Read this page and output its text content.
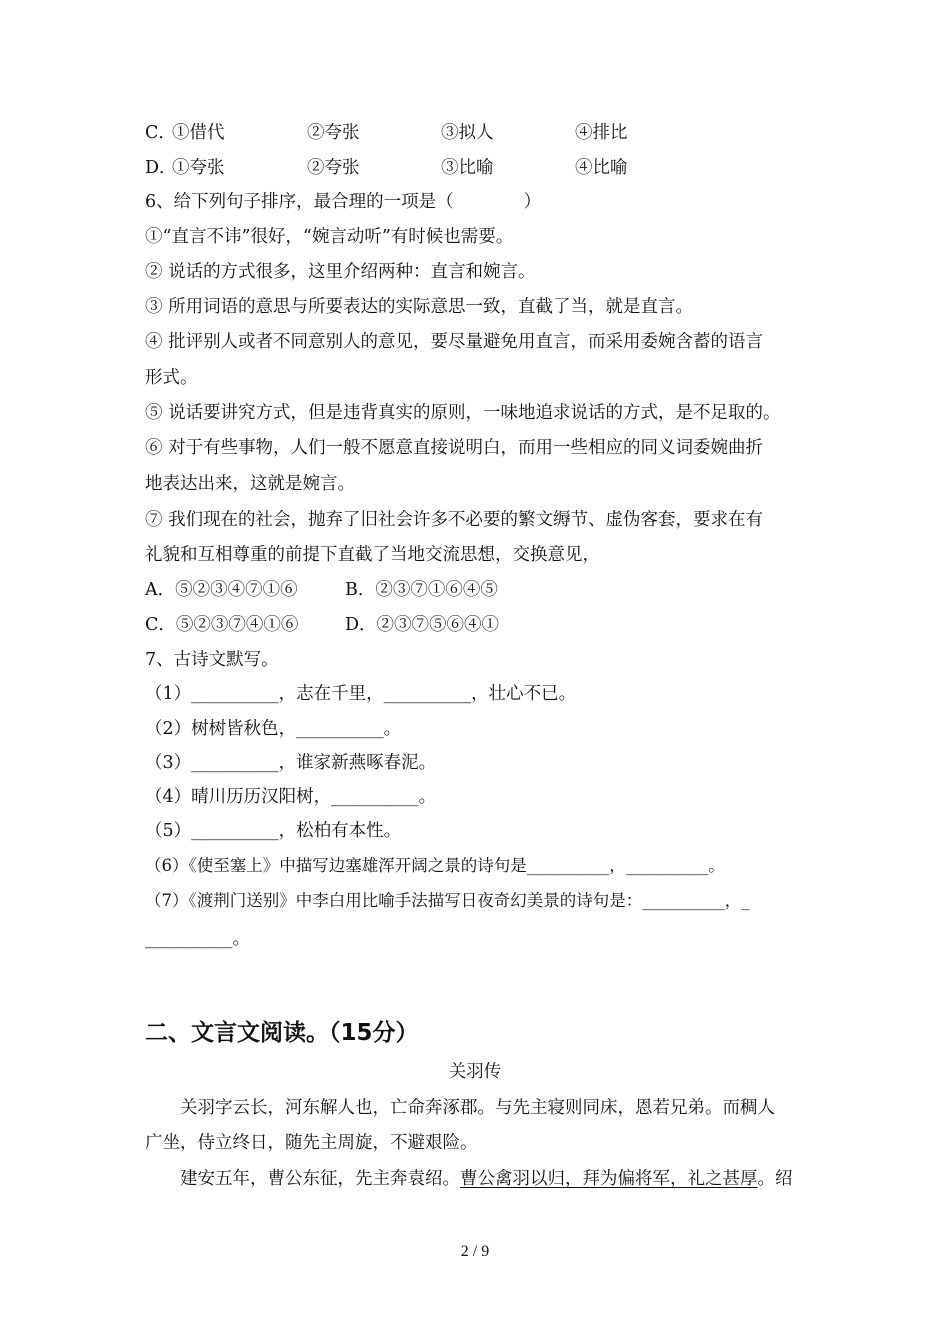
C．
①借代	②夸张	③拟人	④排比
D．
①夸张	②夸张	③比喻	④比喻
6、给下列句子排序，最合理的一项是（　　　　）
①“直言不讳”很好，“婉言动听”有时候也需要。
② 说话的方式很多，这里介绍两种：直言和婉言。
③ 所用词语的意思与所要表达的实际意思一致，直截了当，就是直言。
④ 批评别人或者不同意别人的意见，要尽量避免用直言，而采用委婉含蓄的语言
形式。
⑤ 说话要讲究方式，但是违背真实的原则，一味地追求说话的方式，是不足取的。
⑥ 对于有些事物，人们一般不愿意直接说明白，而用一些相应的同义词委婉曲折
地表达出来，这就是婉言。
⑦ 我们现在的社会，抛弃了旧社会许多不必要的繁文缛节、虚伪客套，要求在有
礼貌和互相尊重的前提下直截了当地交流思想，交换意见，
A．⑤②③④⑦①⑥	B．②③⑦①⑥④⑤
C．⑤②③⑦④①⑥	D．②③⑦⑤⑥④①
7、古诗文默写。
（1）__________，志在千里，__________，壮心不已。
（2）树树皆秋色，__________。
（3）__________，谁家新燕啄春泥。
（4）晴川历历汉阳树，__________。
（5）__________，松柏有本性。
（6）《使至塞上》中描写边塞雄浑开阔之景的诗句是__________，__________。
（7）《渡荆门送别》中李白用比喻手法描写日夜奇幻美景的诗句是：__________，_
__________。
二、文言文阅读。（15分）
关羽传
　　关羽字云长，河东解人也，亡命奔涿郡。与先主寝则同床，恩若兄弟。而稠人
广坐，侍立终日，随先主周旋，不避艰险。
　　建安五年，曹公东征，先主奔袁绍。曹公禽羽以归，拜为偏将军，礼之甚厚。绍
2 / 9
